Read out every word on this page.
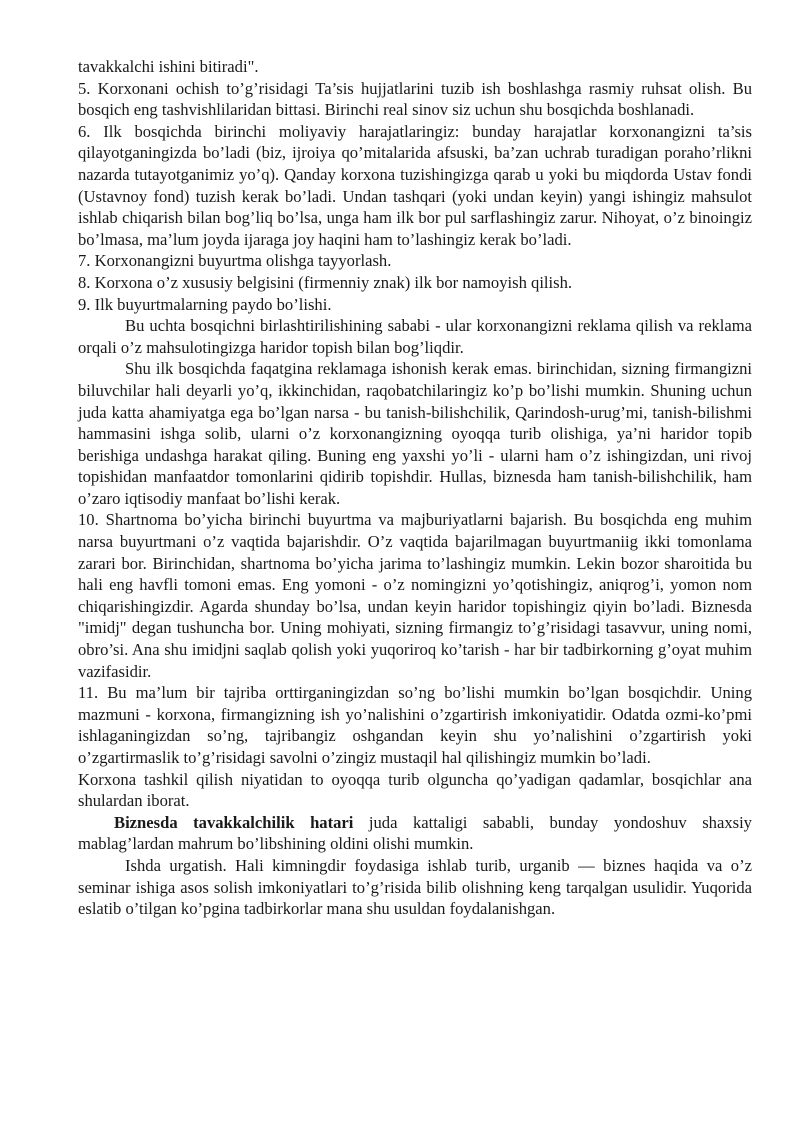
tavakkalchi ishini bitiradi".

5. Korxonani ochish to’g’risidagi Ta’sis hujjatlarini tuzib ish boshlashga rasmiy ruhsat olish. Bu bosqich eng tashvishlilaridan bittasi. Birinchi real sinov siz uchun shu bosqichda boshlanadi.

6. Ilk bosqichda birinchi moliyaviy harajatlaringiz: bunday harajatlar korxonangizni ta’sis qilayotganingizda bo’ladi (biz, ijroiya qo’mitalarida afsuski, ba’zan uchrab turadigan poraho’rlikni nazarda tutayotganimiz yo’q). Qanday korxona tuzishingizga qarab u yoki bu miqdorda Ustav fondi (Ustavnoy fond) tuzish kerak bo’ladi. Undan tashqari (yoki undan keyin) yangi ishingiz mahsulot ishlab chiqarish bilan bog’liq bo’lsa, unga ham ilk bor pul sarflashingiz zarur. Nihoyat, o’z binoingiz bo’lmasa, ma’lum joyda ijaraga joy haqini ham to’lashingiz kerak bo’ladi.

7. Korxonangizni buyurtma olishga tayyorlash.

8. Korxona o’z xususiy belgisini (firmenniy znak) ilk bor namoyish qilish.

9. Ilk buyurtmalarning paydo bo’lishi.

Bu uchta bosqichni birlashtirilishining sababi - ular korxonangizni reklama qilish va reklama orqali o’z mahsulotingizga haridor topish bilan bog’liqdir.

Shu ilk bosqichda faqatgina reklamaga ishonish kerak emas. birinchidan, sizning firmangizni biluvchilar hali deyarli yo’q, ikkinchidan, raqobatchilaringiz ko’p bo’lishi mumkin. Shuning uchun juda katta ahamiyatga ega bo’lgan narsa - bu tanish-bilishchilik, Qarindosh-urug’mi, tanish-bilishmi hammasini ishga solib, ularni o’z korxonangizning oyoqqa turib olishiga, ya’ni haridor topib berishiga undashga harakat qiling. Buning eng yaxshi yo’li - ularni ham o’z ishingizdan, uni rivoj topishidan manfaatdor tomonlarini qidirib topishdir. Hullas, biznesda ham tanish-bilishchilik, ham o’zaro iqtisodiy manfaat bo’lishi kerak.

10. Shartnoma bo’yicha birinchi buyurtma va majburiyatlarni bajarish. Bu bosqichda eng muhim narsa buyurtmani o’z vaqtida bajarishdir. O’z vaqtida bajarilmagan buyurtmaniig ikki tomonlama zarari bor. Birinchidan, shartnoma bo’yicha jarima to’lashingiz mumkin. Lekin bozor sharoitida bu hali eng havfli tomoni emas. Eng yomoni - o’z nomingizni yo’qotishingiz, aniqrog’i, yomon nom chiqarishingizdir. Agarda shunday bo’lsa, undan keyin haridor topishingiz qiyin bo’ladi. Biznesda "imidj" degan tushuncha bor. Uning mohiyati, sizning firmangiz to’g’risidagi tasavvur, uning nomi, obro’si. Ana shu imidjni saqlab qolish yoki yuqoriroq ko’tarish - har bir tadbirkorning g’oyat muhim vazifasidir.

11. Bu ma’lum bir tajriba orttirganingizdan so’ng bo’lishi mumkin bo’lgan bosqichdir. Uning mazmuni - korxona, firmangizning ish yo’nalishini o’zgartirish imkoniyatidir. Odatda ozmi-ko’pmi ishlaganingizdan so’ng, tajribangiz oshgandan keyin shu yo’nalishini o’zgartirish yoki o’zgartirmaslik to’g’risidagi savolni o’zingiz mustaqil hal qilishingiz mumkin bo’ladi.

Korxona tashkil qilish niyatidan to oyoqqa turib olguncha qo’yadigan qadamlar, bosqichlar ana shulardan iborat.

Biznesda tavakkalchilik hatari juda kattaligi sababli, bunday yondoshuv shaxsiy mablag’lardan mahrum bo’libshining oldini olishi mumkin.

Ishda urgatish. Hali kimningdir foydasiga ishlab turib, urganib — biznes haqida va o’z seminar ishiga asos solish imkoniyatlari to’g’risida bilib olishning keng tarqalgan usulidir. Yuqorida eslatib o’tilgan ko’pgina tadbirkorlar mana shu usuldan foydalanishgan.
